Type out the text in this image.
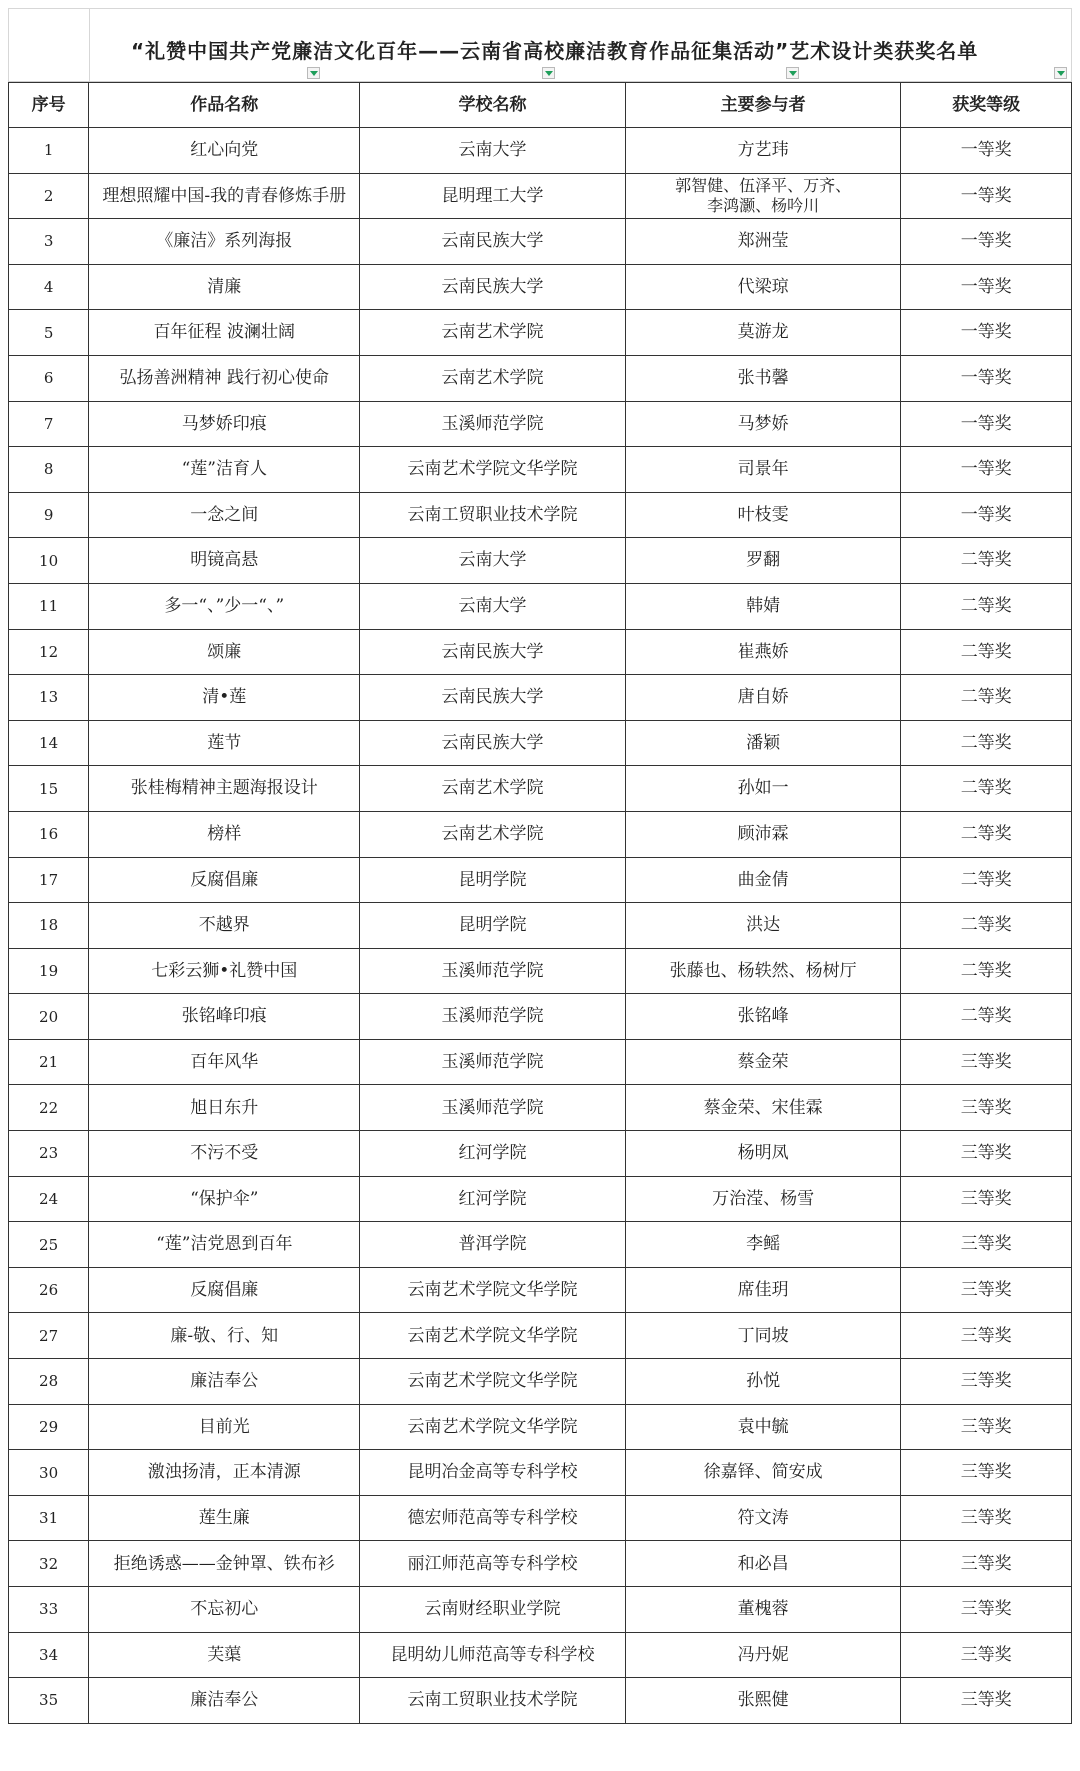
“礼赞中国共产党廉洁文化百年——云南省高校廉洁教育作品征集活动”艺术设计类获奖名单
序号	作品名称	学校名称	主要参与者	获奖等级
1	红心向党	云南大学	方艺玮	一等奖
2	理想照耀中国-我的青春修炼手册	昆明理工大学	郭智健、伍泽平、万齐、
李鸿灏、杨吟川	一等奖
3	《廉洁》系列海报	云南民族大学	郑洲莹	一等奖
4	清廉	云南民族大学	代梁琼	一等奖
5	百年征程 波澜壮阔	云南艺术学院	莫游龙	一等奖
6	弘扬善洲精神 践行初心使命	云南艺术学院	张书馨	一等奖
7	马梦娇印痕	玉溪师范学院	马梦娇	一等奖
8	“莲”洁育人	云南艺术学院文华学院	司景年	一等奖
9	一念之间	云南工贸职业技术学院	叶枝雯	一等奖
10	明镜高悬	云南大学	罗翻	二等奖
11	多一“、”少一“、”	云南大学	韩婧	二等奖
12	颂廉	云南民族大学	崔燕娇	二等奖
13	清•莲	云南民族大学	唐自娇	二等奖
14	莲节	云南民族大学	潘颖	二等奖
15	张桂梅精神主题海报设计	云南艺术学院	孙如一	二等奖
16	榜样	云南艺术学院	顾沛霖	二等奖
17	反腐倡廉	昆明学院	曲金倩	二等奖
18	不越界	昆明学院	洪达	二等奖
19	七彩云狮•礼赞中国	玉溪师范学院	张藤也、杨轶然、杨树厅	二等奖
20	张铭峰印痕	玉溪师范学院	张铭峰	二等奖
21	百年风华	玉溪师范学院	蔡金荣	三等奖
22	旭日东升	玉溪师范学院	蔡金荣、宋佳霖	三等奖
23	不污不受	红河学院	杨明凤	三等奖
24	“保护伞”	红河学院	万治滢、杨雪	三等奖
25	“莲”洁党恩到百年	普洱学院	李鳐	三等奖
26	反腐倡廉	云南艺术学院文华学院	席佳玥	三等奖
27	廉-敬、行、知	云南艺术学院文华学院	丁同坡	三等奖
28	廉洁奉公	云南艺术学院文华学院	孙悦	三等奖
29	目前光	云南艺术学院文华学院	袁中毓	三等奖
30	激浊扬清，正本清源	昆明冶金高等专科学校	徐嘉铎、简安成	三等奖
31	莲生廉	德宏师范高等专科学校	符文涛	三等奖
32	拒绝诱惑——金钟罩、铁布衫	丽江师范高等专科学校	和必昌	三等奖
33	不忘初心	云南财经职业学院	董槐蓉	三等奖
34	芙蕖	昆明幼儿师范高等专科学校	冯丹妮	三等奖
35	廉洁奉公	云南工贸职业技术学院	张熙健	三等奖
